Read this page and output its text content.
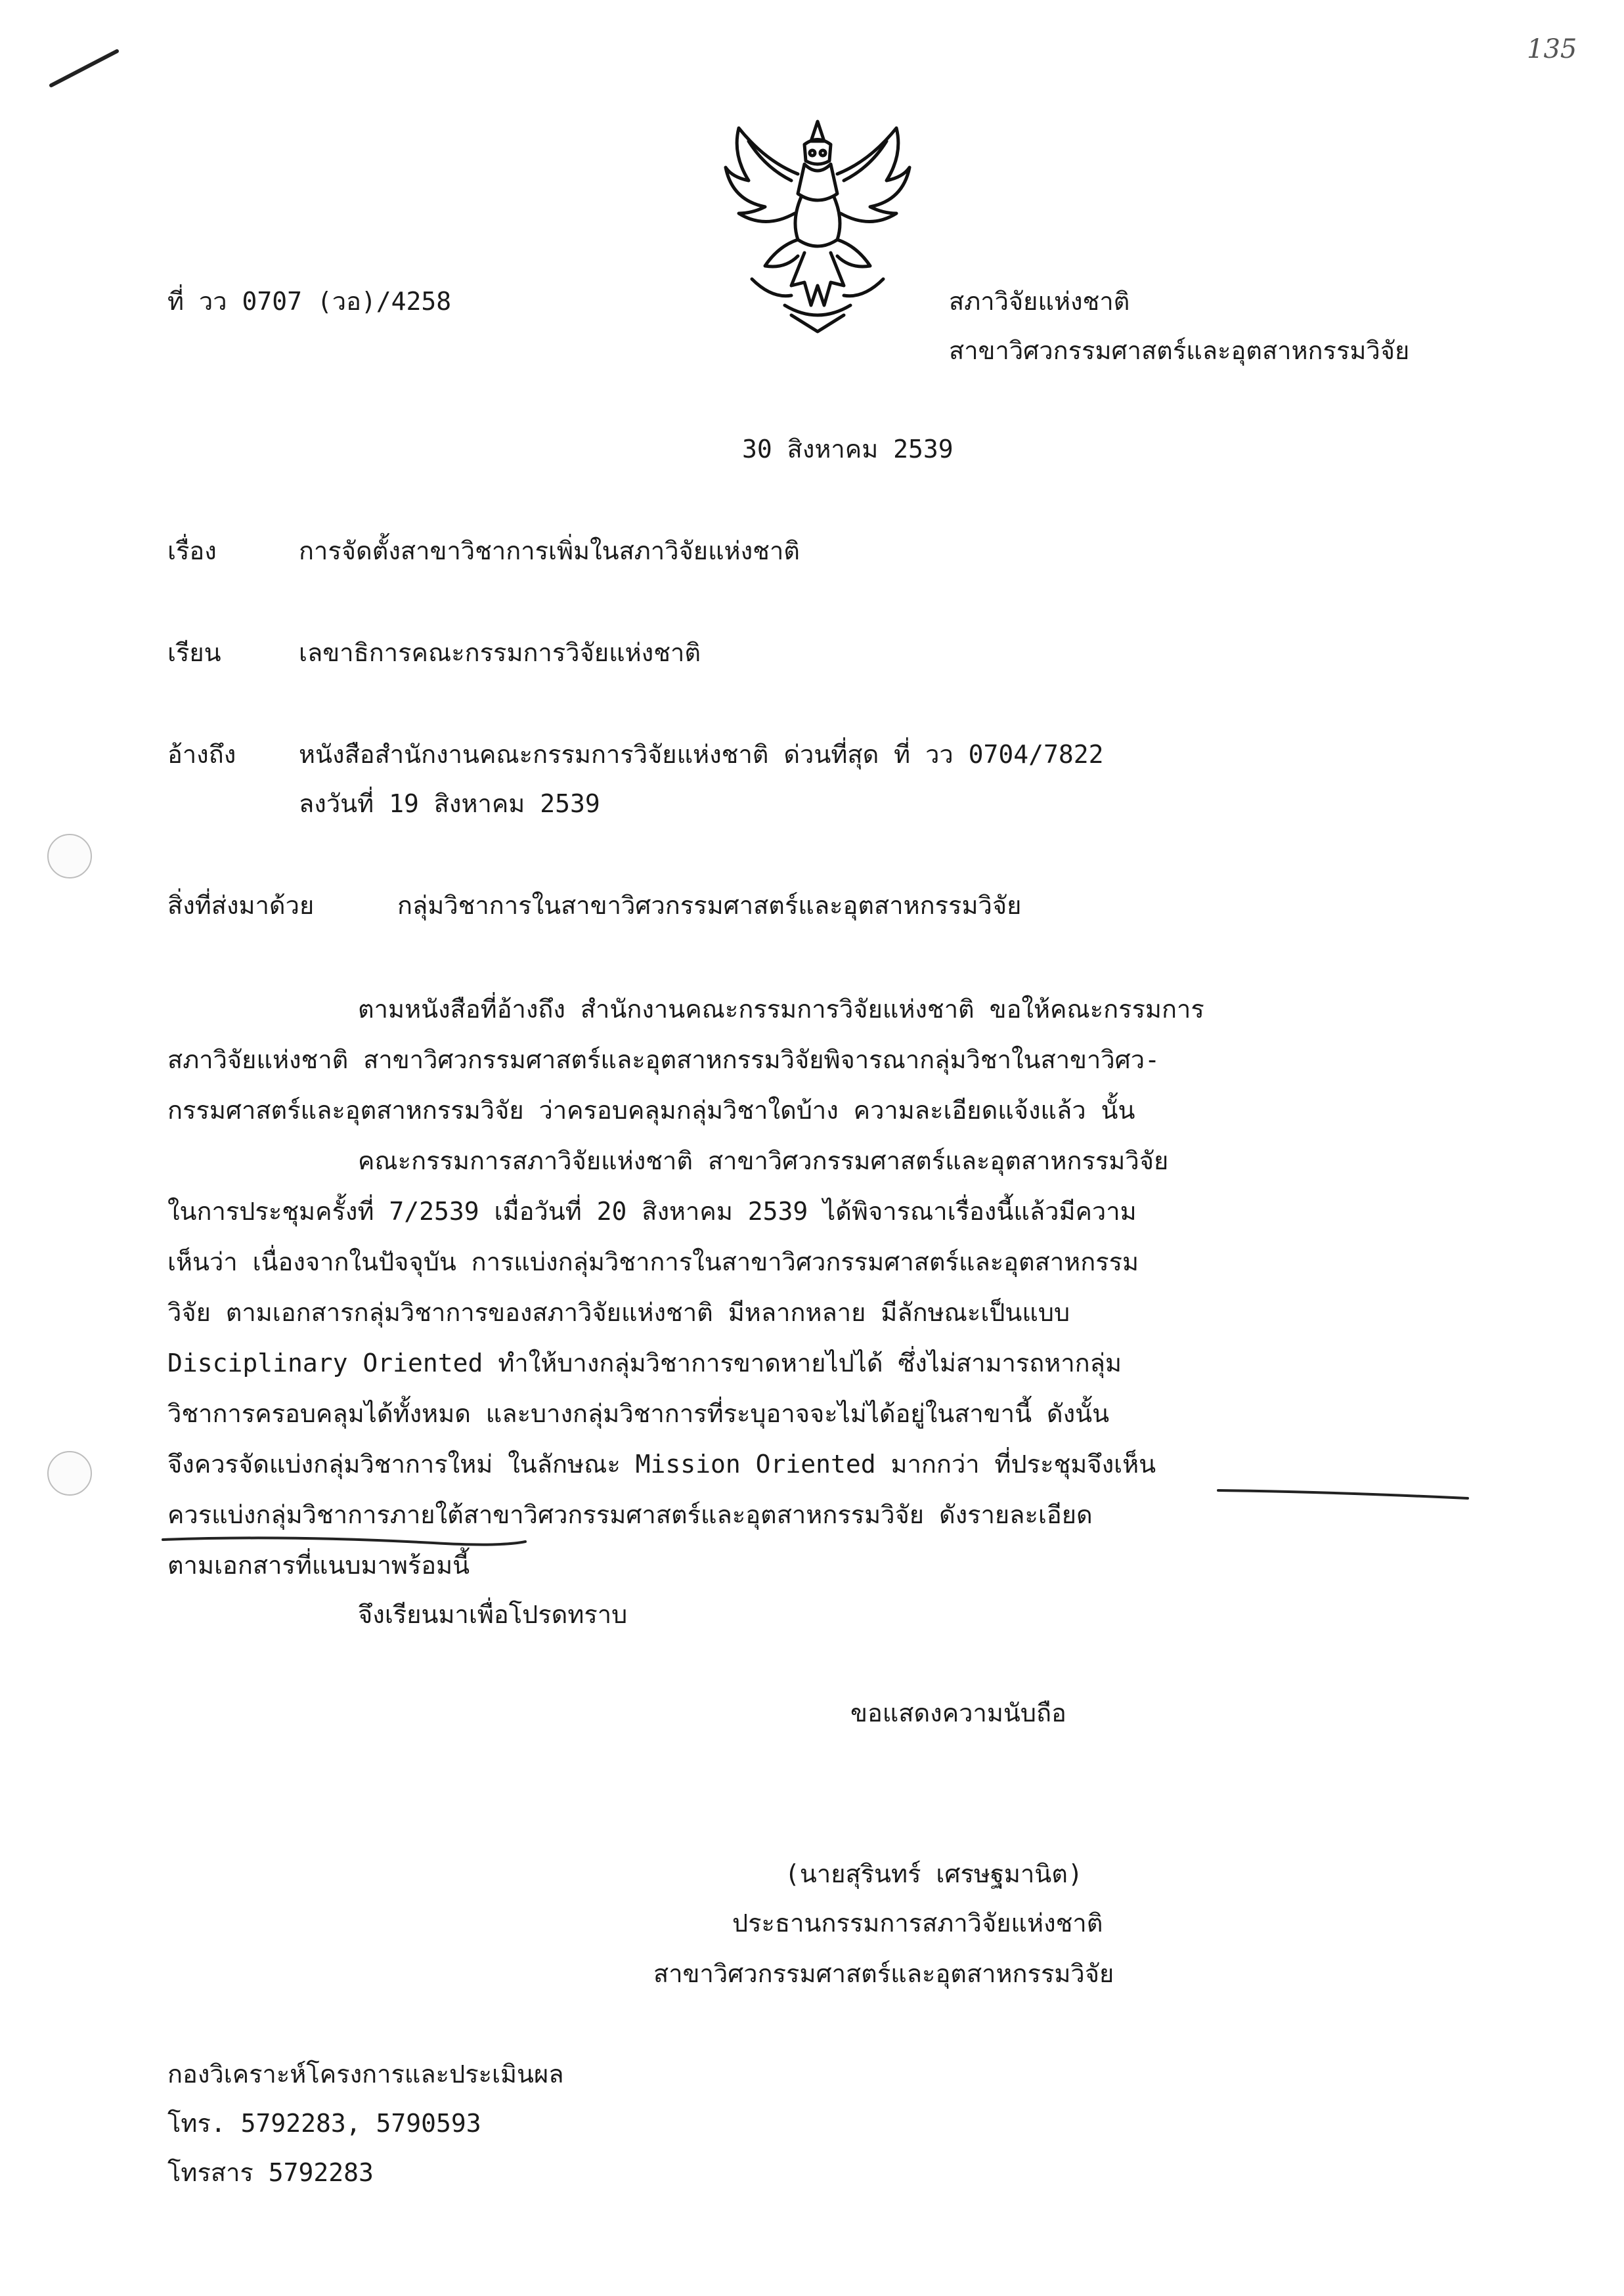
135
ที่ วว 0707 (วอ)/4258	สภาวิจัยแห่งชาติ
สาขาวิศวกรรมศาสตร์และอุตสาหกรรมวิจัย
30 สิงหาคม 2539
เรื่อง	การจัดตั้งสาขาวิชาการเพิ่มในสภาวิจัยแห่งชาติ
เรียน	เลขาธิการคณะกรรมการวิจัยแห่งชาติ
อ้างถึง	หนังสือสำนักงานคณะกรรมการวิจัยแห่งชาติ ด่วนที่สุด ที่ วว 0704/7822
ลงวันที่ 19 สิงหาคม 2539
สิ่งที่ส่งมาด้วย	กลุ่มวิชาการในสาขาวิศวกรรมศาสตร์และอุตสาหกรรมวิจัย
ตามหนังสือที่อ้างถึง สำนักงานคณะกรรมการวิจัยแห่งชาติ ขอให้คณะกรรมการ
สภาวิจัยแห่งชาติ สาขาวิศวกรรมศาสตร์และอุตสาหกรรมวิจัยพิจารณากลุ่มวิชาในสาขาวิศว-
กรรมศาสตร์และอุตสาหกรรมวิจัย ว่าครอบคลุมกลุ่มวิชาใดบ้าง ความละเอียดแจ้งแล้ว นั้น
คณะกรรมการสภาวิจัยแห่งชาติ สาขาวิศวกรรมศาสตร์และอุตสาหกรรมวิจัย
ในการประชุมครั้งที่ 7/2539 เมื่อวันที่ 20 สิงหาคม 2539 ได้พิจารณาเรื่องนี้แล้วมีความ
เห็นว่า เนื่องจากในปัจจุบัน การแบ่งกลุ่มวิชาการในสาขาวิศวกรรมศาสตร์และอุตสาหกรรม
วิจัย ตามเอกสารกลุ่มวิชาการของสภาวิจัยแห่งชาติ มีหลากหลาย มีลักษณะเป็นแบบ
Disciplinary Oriented ทำให้บางกลุ่มวิชาการขาดหายไปได้ ซึ่งไม่สามารถหากลุ่ม
วิชาการครอบคลุมได้ทั้งหมด และบางกลุ่มวิชาการที่ระบุอาจจะไม่ได้อยู่ในสาขานี้ ดังนั้น
จึงควรจัดแบ่งกลุ่มวิชาการใหม่ ในลักษณะ Mission Oriented มากกว่า ที่ประชุมจึงเห็น
ควรแบ่งกลุ่มวิชาการภายใต้สาขาวิศวกรรมศาสตร์และอุตสาหกรรมวิจัย ดังรายละเอียด
ตามเอกสารที่แนบมาพร้อมนี้
จึงเรียนมาเพื่อโปรดทราบ
ขอแสดงความนับถือ
(นายสุรินทร์ เศรษฐมานิต)
ประธานกรรมการสภาวิจัยแห่งชาติ
สาขาวิศวกรรมศาสตร์และอุตสาหกรรมวิจัย
กองวิเคราะห์โครงการและประเมินผล
โทร. 5792283, 5790593
โทรสาร 5792283
